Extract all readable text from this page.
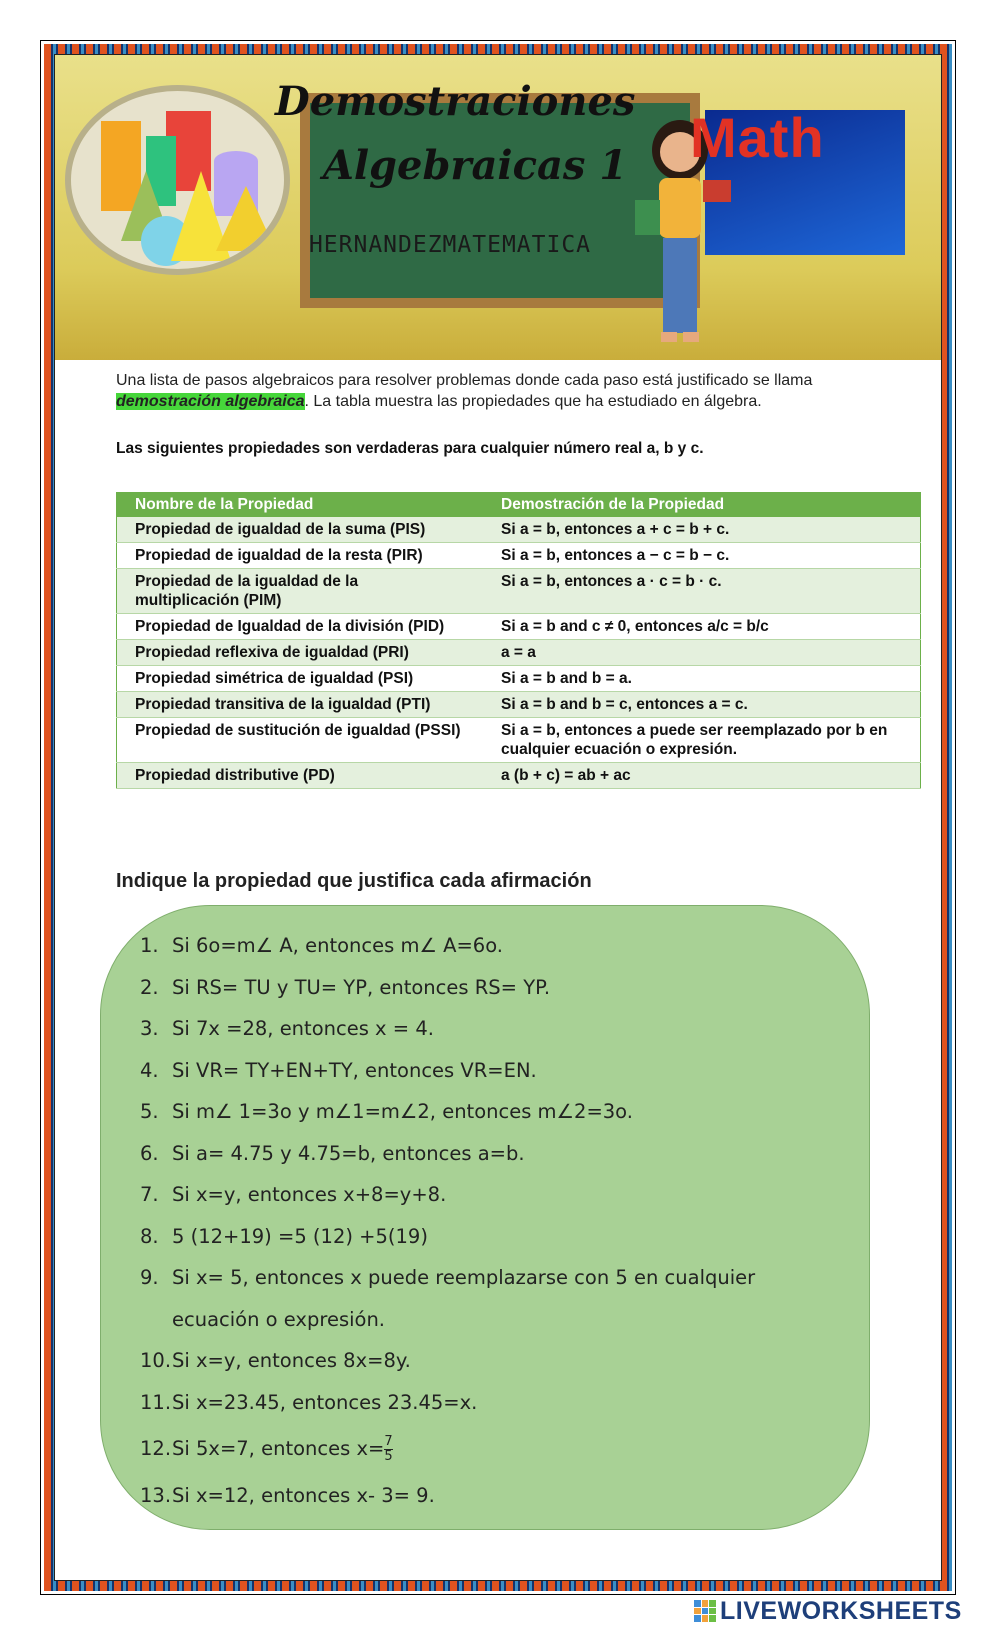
Demostraciones
Algebraicas 1
HERNANDEZMATEMATICA
Math
Una lista de pasos algebraicos para resolver problemas donde cada paso está justificado se llama demostración algebraica. La tabla muestra las propiedades que ha estudiado en álgebra.
Las siguientes propiedades son verdaderas para cualquier número real a, b y c.
Nombre de la Propiedad	Demostración de la Propiedad
Propiedad de igualdad de la suma (PIS)	Si a = b, entonces a + c = b + c.
Propiedad de igualdad de la resta (PIR)	Si a = b, entonces a − c = b − c.
Propiedad de la igualdad de la multiplicación (PIM)	Si a = b, entonces a · c = b · c.
Propiedad de Igualdad de la división (PID)	Si a = b and c ≠ 0, entonces a/c = b/c
Propiedad reflexiva de igualdad (PRI)	a = a
Propiedad simétrica de igualdad (PSI)	Si a = b and b = a.
Propiedad transitiva de la igualdad (PTI)	Si a = b and b = c, entonces a = c.
Propiedad de sustitución de igualdad (PSSI)	Si a = b, entonces a puede ser reemplazado por b en cualquier ecuación o expresión.
Propiedad distributive (PD)	a (b + c) = ab + ac
Indique la propiedad que justifica cada afirmación
1. Si 6o=m∠ A, entonces m∠ A=6o.
2. Si RS= TU y TU= YP, entonces RS= YP.
3. Si 7x =28, entonces x = 4.
4. Si VR= TY+EN+TY, entonces VR=EN.
5. Si m∠ 1=3o y m∠1=m∠2, entonces m∠2=3o.
6. Si a= 4.75 y 4.75=b, entonces a=b.
7. Si x=y, entonces x+8=y+8.
8. 5 (12+19) =5 (12) +5(19)
9. Si x= 5, entonces x puede reemplazarse con 5 en cualquier ecuación o expresión.
10.Si x=y, entonces 8x=8y.
11.Si x=23.45, entonces 23.45=x.
12.Si 5x=7, entonces $x= \frac{7}{5}$
13.Si x=12, entonces x- 3= 9.
LIVEWORKSHEETS
